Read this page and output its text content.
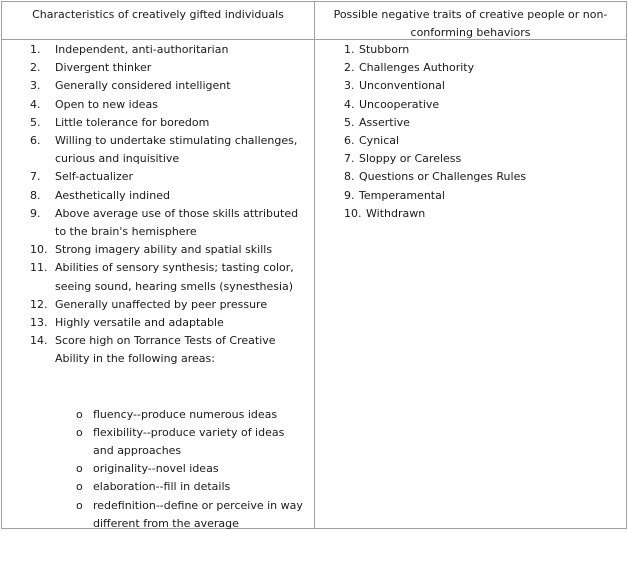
Characteristics of creatively gifted individuals	Possible negative traits of creative people or non-conforming behaviors
1. Independent, anti-authoritarian
2. Divergent thinker
3. Generally considered intelligent
4. Open to new ideas
5. Little tolerance for boredom
6. Willing to undertake stimulating challenges, curious and inquisitive
7. Self-actualizer
8. Aesthetically indined
9. Above average use of those skills attributed to the brain's hemisphere
10. Strong imagery ability and spatial skills
11. Abilities of sensory synthesis; tasting color, seeing sound, hearing smells (synesthesia)
12. Generally unaffected by peer pressure
13. Highly versatile and adaptable
14. Score high on Torrance Tests of Creative Ability in the following areas:
o fluency--produce numerous ideas
o flexibility--produce variety of ideas and approaches
o originality--novel ideas
o elaboration--fill in details
o redefinition--define or perceive in way different from the average
1. Stubborn
2. Challenges Authority
3. Unconventional
4. Uncooperative
5. Assertive
6. Cynical
7. Sloppy or Careless
8. Questions or Challenges Rules
9. Temperamental
10. Withdrawn
